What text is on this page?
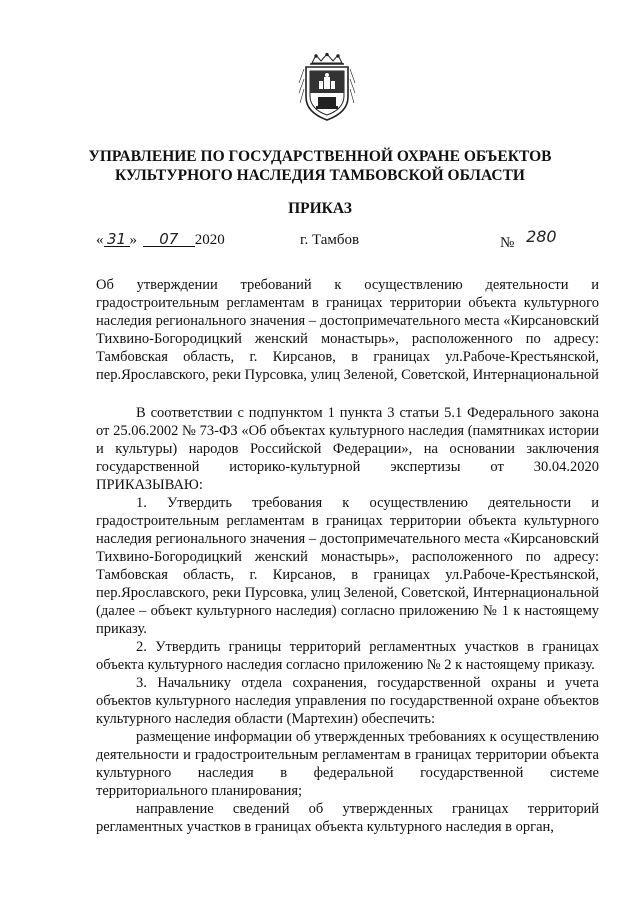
УПРАВЛЕНИЕ ПО ГОСУДАРСТВЕННОЙ ОХРАНЕ ОБЪЕКТОВ
КУЛЬТУРНОГО НАСЛЕДИЯ ТАМБОВСКОЙ ОБЛАСТИ
ПРИКАЗ
« 31 » 07 2020	г. Тамбов	№ 280
Об утверждении требований к осуществлению деятельности и градостроительным регламентам в границах территории объекта культурного наследия регионального значения – достопримечательного места «Кирсановский Тихвино-Богородицкий женский монастырь», расположенного по адресу: Тамбовская область, г. Кирсанов, в границах ул.Рабоче-Крестьянской, пер.Ярославского, реки Пурсовка, улиц Зеленой, Советской, Интернациональной

В соответствии с подпунктом 1 пункта 3 статьи 5.1 Федерального закона от 25.06.2002 № 73-ФЗ «Об объектах культурного наследия (памятниках истории и культуры) народов Российской Федерации», на основании заключения государственной историко-культурной экспертизы от 30.04.2020 ПРИКАЗЫВАЮ:

1. Утвердить требования к осуществлению деятельности и градостроительным регламентам в границах территории объекта культурного наследия регионального значения – достопримечательного места «Кирсановский Тихвино-Богородицкий женский монастырь», расположенного по адресу: Тамбовская область, г. Кирсанов, в границах ул.Рабоче-Крестьянской, пер.Ярославского, реки Пурсовка, улиц Зеленой, Советской, Интернациональной (далее – объект культурного наследия) согласно приложению № 1 к настоящему приказу.

2. Утвердить границы территорий регламентных участков в границах объекта культурного наследия согласно приложению № 2 к настоящему приказу.

3. Начальнику отдела сохранения, государственной охраны и учета объектов культурного наследия управления по государственной охране объектов культурного наследия области (Мартехин) обеспечить:

размещение информации об утвержденных требованиях к осуществлению деятельности и градостроительным регламентам в границах территории объекта культурного наследия в федеральной государственной системе территориального планирования;

направление сведений об утвержденных границах территорий регламентных участков в границах объекта культурного наследия в орган,
